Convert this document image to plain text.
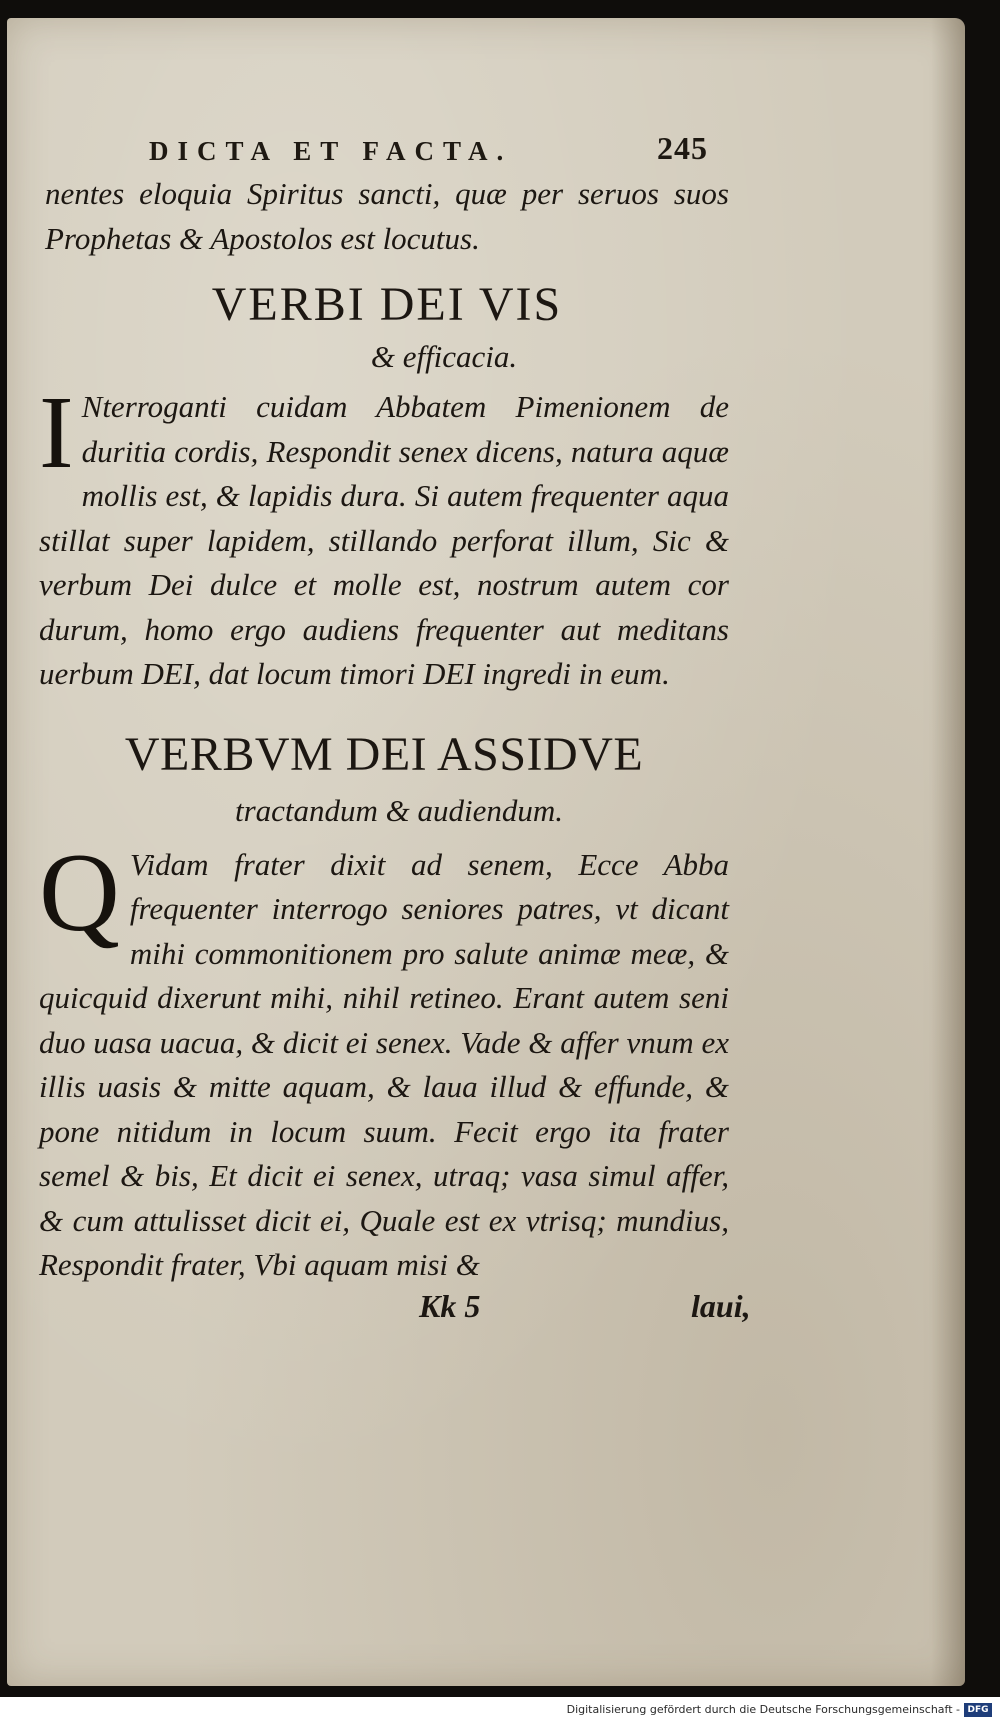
DICTA ET FACTA.	245

nentes eloquia Spiritus sancti, quæ per seruos suos Prophetas & Apostolos est locutus.

VERBI DEI VIS
& efficacia.
I Nterroganti cuidam Abbatem Pimenionem de duritia cordis, Respondit senex dicens, natura aquæ mollis est, & lapidis dura. Si autem frequenter aqua stillat super lapidem, stillando perforat illum, Sic & verbum Dei dulce et molle est, nostrum autem cor durum, homo ergo audiens frequenter aut meditans uerbum DEI, dat locum timori DEI ingredi in eum.

VERBVM DEI ASSIDVE
tractandum & audiendum.
Q Vidam frater dixit ad senem, Ecce Abba frequenter interrogo seniores patres, vt dicant mihi commonitionem pro salute animæ meæ, & quicquid dixerunt mihi, nihil retineo. Erant autem seni duo uasa uacua, & dicit ei senex. Vade & affer vnum ex illis uasis & mitte aquam, & laua illud & effunde, & pone nitidum in locum suum. Fecit ergo ita frater semel & bis, Et dicit ei senex, utraq; vasa simul affer, & cum attulisset dicit ei, Quale est ex vtrisq; mundius, Respondit frater, Vbi aquam misi &

Kk 5	laui,
Digitalisierung gefördert durch die Deutsche Forschungsgemeinschaft - DFG
